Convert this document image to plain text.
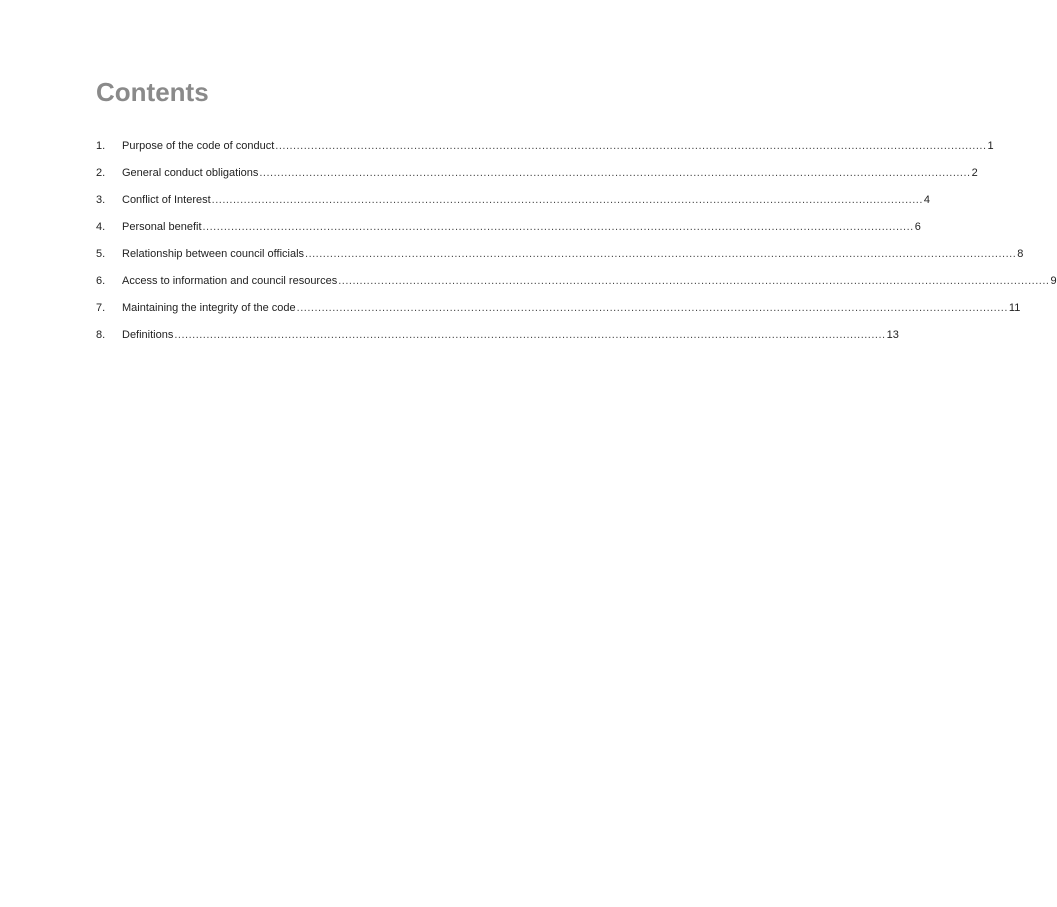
Contents
1.	Purpose of the code of conduct ........................................................................................................................................................................................................ 1
2.	General conduct obligations ........................................................................................................................................................................................................ 2
3.	Conflict of Interest ........................................................................................................................................................................................................ 4
4.	Personal benefit ........................................................................................................................................................................................................ 6
5.	Relationship between council officials ........................................................................................................................................................................................................ 8
6.	Access to information and council resources ........................................................................................................................................................................................................ 9
7.	Maintaining the integrity of the code ........................................................................................................................................................................................................ 11
8.	Definitions ........................................................................................................................................................................................................ 13
